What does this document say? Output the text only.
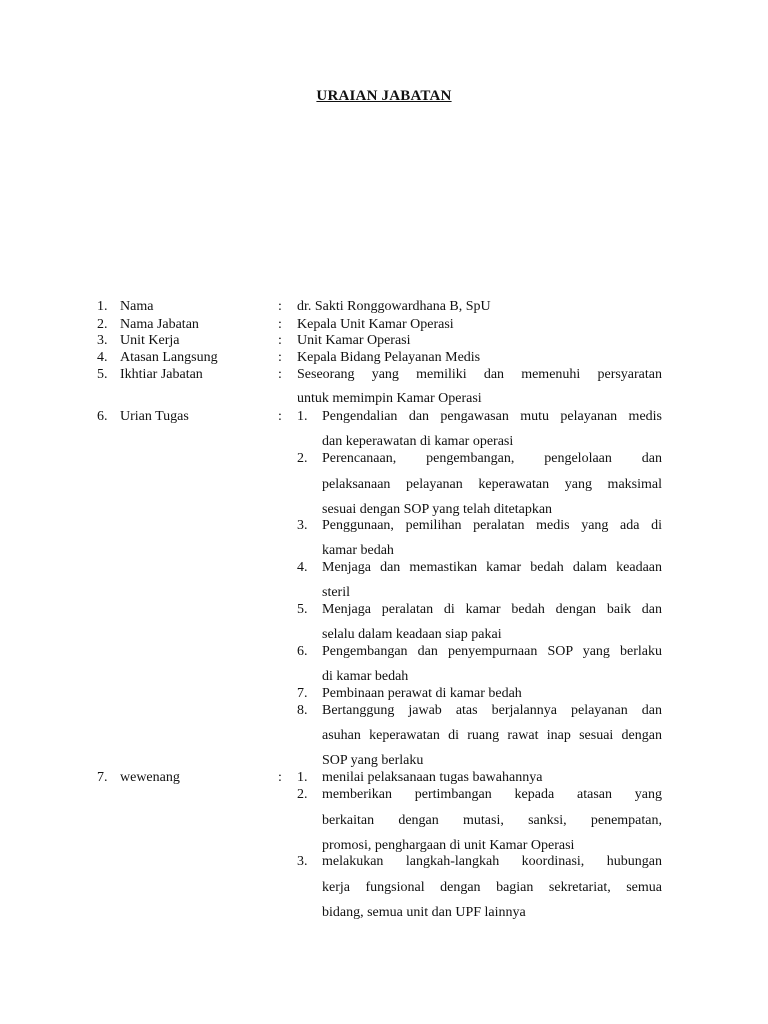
URAIAN JABATAN
1. Nama	: dr. Sakti Ronggowardhana B, SpU
2. Nama Jabatan	: Kepala Unit Kamar Operasi
3. Unit Kerja	: Unit Kamar Operasi
4. Atasan Langsung	: Kepala Bidang Pelayanan Medis
5. Ikhtiar Jabatan	: Seseorang yang memiliki dan memenuhi persyaratan
untuk memimpin Kamar Operasi
6. Urian Tugas	: 1. Pengendalian dan pengawasan mutu pelayanan medis
dan keperawatan di kamar operasi
2. Perencanaan, pengembangan, pengelolaan dan
pelaksanaan pelayanan keperawatan yang maksimal
sesuai dengan SOP yang telah ditetapkan
3. Penggunaan, pemilihan peralatan medis yang ada di
kamar bedah
4. Menjaga dan memastikan kamar bedah dalam keadaan
steril
5. Menjaga peralatan di kamar bedah dengan baik dan
selalu dalam keadaan siap pakai
6. Pengembangan dan penyempurnaan SOP yang berlaku
di kamar bedah
7. Pembinaan perawat di kamar bedah
8. Bertanggung jawab atas berjalannya pelayanan dan
asuhan keperawatan di ruang rawat inap sesuai dengan
SOP yang berlaku
7. wewenang	: 1. menilai pelaksanaan tugas bawahannya
2. memberikan pertimbangan kepada atasan yang
berkaitan dengan mutasi, sanksi, penempatan,
promosi, penghargaan di unit Kamar Operasi
3. melakukan langkah-langkah koordinasi, hubungan
kerja fungsional dengan bagian sekretariat, semua
bidang, semua unit dan UPF lainnya
